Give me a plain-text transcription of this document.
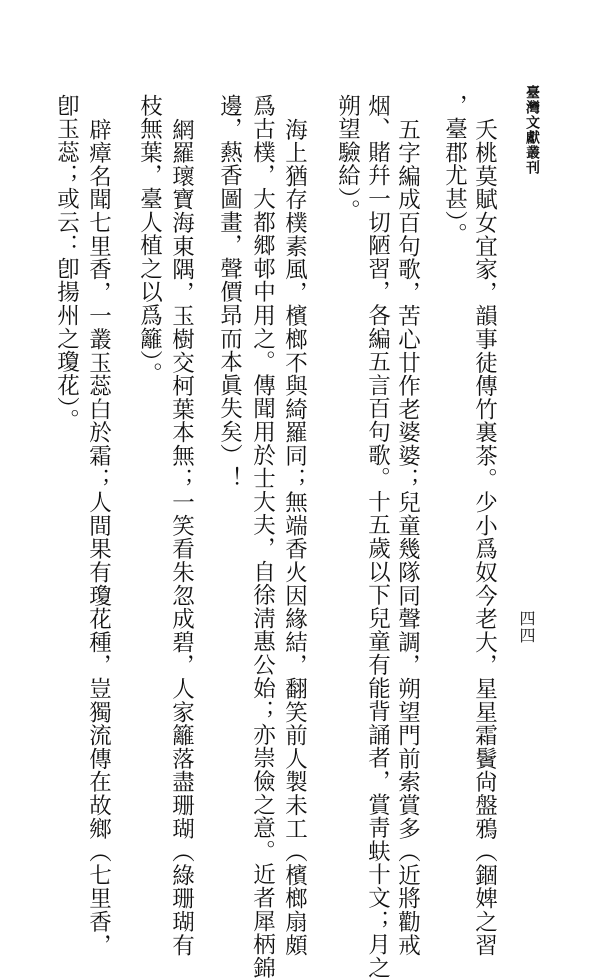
臺灣文獻叢刊
四四
夭桃莫賦女宜家，韻事徒傳竹裏茶。少小爲奴今老大，星星霜鬢尙盤鴉（錮婢之習
，臺郡尤甚）。
五字編成百句歌，苦心廿作老婆婆；兒童幾隊同聲調，朔望門前索賞多（近將勸戒
烟、賭幷一切陋習，各編五言百句歌。十五歲以下兒童有能背誦者，賞靑蚨十文；月之
朔望驗給）。
海上猶存樸素風，檳榔不與綺羅同；無端香火因緣結，翻笑前人製未工（檳榔扇頗
爲古樸，大都郷邨中用之。傳聞用於士大夫，自徐淸惠公始；亦崇儉之意。近者犀柄錦
邊，爇香圖畫，聲價昻而本眞失矣）！
網羅瓌寶海東隅，玉樹交柯葉本無；一笑看朱忽成碧，人家籬落盡珊瑚（綠珊瑚有
枝無葉，臺人植之以爲籬）。
辟瘴名聞七里香，一叢玉蕊白於霜；人間果有瓊花種，豈獨流傳在故鄉（七里香，
卽玉蕊；或云：卽揚州之瓊花）。
